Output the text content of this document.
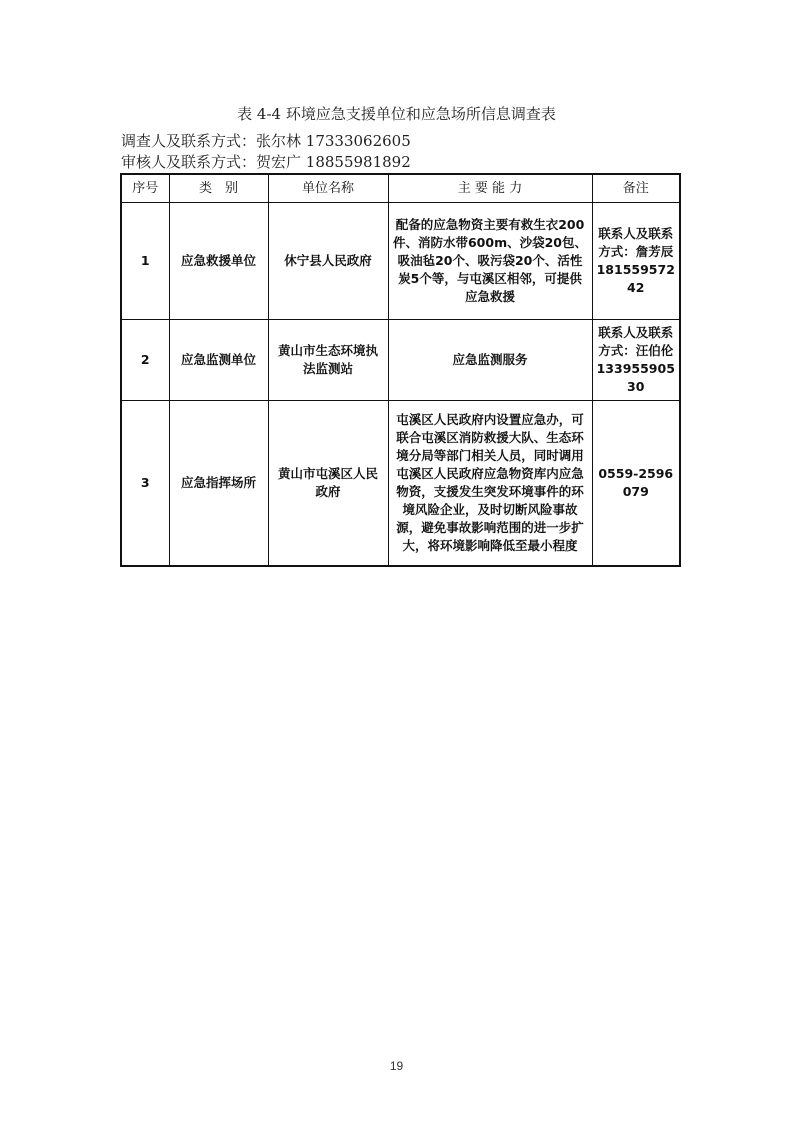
表 4-4 环境应急支援单位和应急场所信息调查表
调查人及联系方式：张尔林 17333062605
审核人及联系方式：贺宏广 18855981892
序号	类　别	单位名称	主 要 能 力	备注
1	应急救援单位	休宁县人民政府	配备的应急物资主要有救生衣200件、消防水带600m、沙袋20包、吸油毡20个、吸污袋20个、活性炭5个等，与屯溪区相邻，可提供应急救援	联系人及联系方式：詹芳辰18155957242
2	应急监测单位	黄山市生态环境执法监测站	应急监测服务	联系人及联系方式：汪伯伦13395590530
3	应急指挥场所	黄山市屯溪区人民政府	屯溪区人民政府内设置应急办，可联合屯溪区消防救援大队、生态环境分局等部门相关人员，同时调用屯溪区人民政府应急物资库内应急物资，支援发生突发环境事件的环境风险企业，及时切断风险事故源，避免事故影响范围的进一步扩大，将环境影响降低至最小程度	0559-2596079
19
